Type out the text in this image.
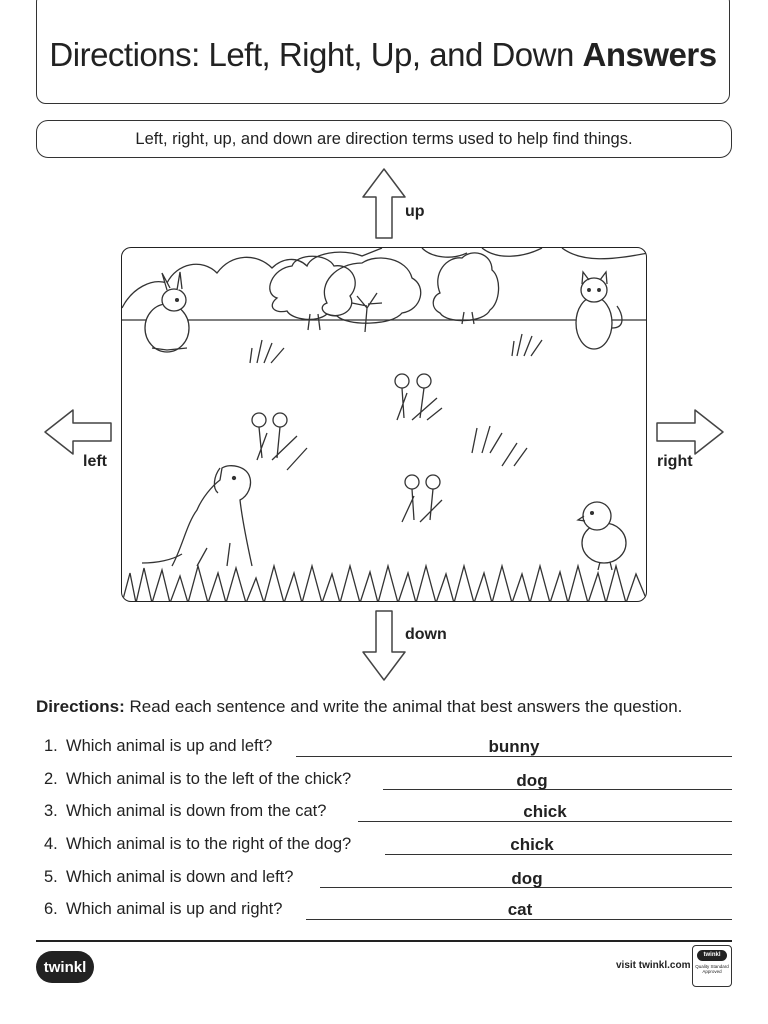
Directions: Left, Right, Up, and Down Answers
Left, right, up, and down are direction terms used to help find things.
up
left	right
down
Directions: Read each sentence and write the animal that best answers the question.
1. Which animal is up and left?	bunny
2. Which animal is to the left of the chick?	dog
3. Which animal is down from the cat?	chick
4. Which animal is to the right of the dog?	chick
5. Which animal is down and left?	dog
6. Which animal is up and right?	cat
twinkl	visit twinkl.com
twinkl
Quality Standard Approved
